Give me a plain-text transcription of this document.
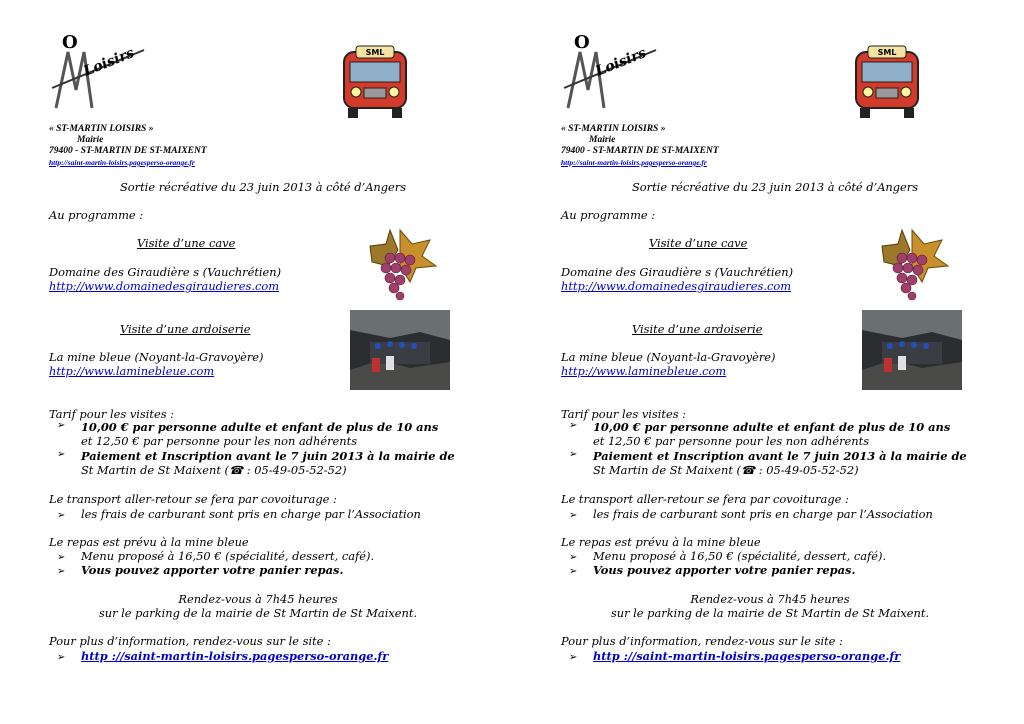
O
Loisirs	SML
« ST-MARTIN LOISIRS »
Mairie
79400 - ST-MARTIN DE ST-MAIXENT
http://saint-martin-loisirs.pagesperso-orange.fr
Sortie récréative du 23 juin 2013 à côté d’Angers
Au programme :
Visite d’une cave
Domaine des Giraudière s (Vauchrétien)
http://www.domainedesgiraudieres.com
Visite d’une ardoiserie
La mine bleue (Noyant-la-Gravoyère)
http://www.laminebleue.com
Tarif pour les visites :
➢	10,00 € par personne adulte et enfant de plus de 10 ans
et 12,50 € par personne pour les non adhérents
➢	Paiement et Inscription avant le 7 juin 2013 à la mairie de
St Martin de St Maixent (☎ : 05-49-05-52-52)
Le transport aller-retour se fera par covoiturage :
➢ les frais de carburant sont pris en charge par l’Association
Le repas est prévu à la mine bleue
➢ Menu proposé à 16,50 € (spécialité, dessert, café).
➢ Vous pouvez apporter votre panier repas.
Rendez-vous à 7h45 heures
sur le parking de la mairie de St Martin de St Maixent.
Pour plus d’information, rendez-vous sur le site :
➢ http ://saint-martin-loisirs.pagesperso-orange.fr
O
Loisirs	SML
« ST-MARTIN LOISIRS »
Mairie
79400 - ST-MARTIN DE ST-MAIXENT
http://saint-martin-loisirs.pagesperso-orange.fr
Sortie récréative du 23 juin 2013 à côté d’Angers
Au programme :
Visite d’une cave
Domaine des Giraudière s (Vauchrétien)
http://www.domainedesgiraudieres.com
Visite d’une ardoiserie
La mine bleue (Noyant-la-Gravoyère)
http://www.laminebleue.com
Tarif pour les visites :
➢	10,00 € par personne adulte et enfant de plus de 10 ans
et 12,50 € par personne pour les non adhérents
➢	Paiement et Inscription avant le 7 juin 2013 à la mairie de
St Martin de St Maixent (☎ : 05-49-05-52-52)
Le transport aller-retour se fera par covoiturage :
➢ les frais de carburant sont pris en charge par l’Association
Le repas est prévu à la mine bleue
➢ Menu proposé à 16,50 € (spécialité, dessert, café).
➢ Vous pouvez apporter votre panier repas.
Rendez-vous à 7h45 heures
sur le parking de la mairie de St Martin de St Maixent.
Pour plus d’information, rendez-vous sur le site :
➢ http ://saint-martin-loisirs.pagesperso-orange.fr
